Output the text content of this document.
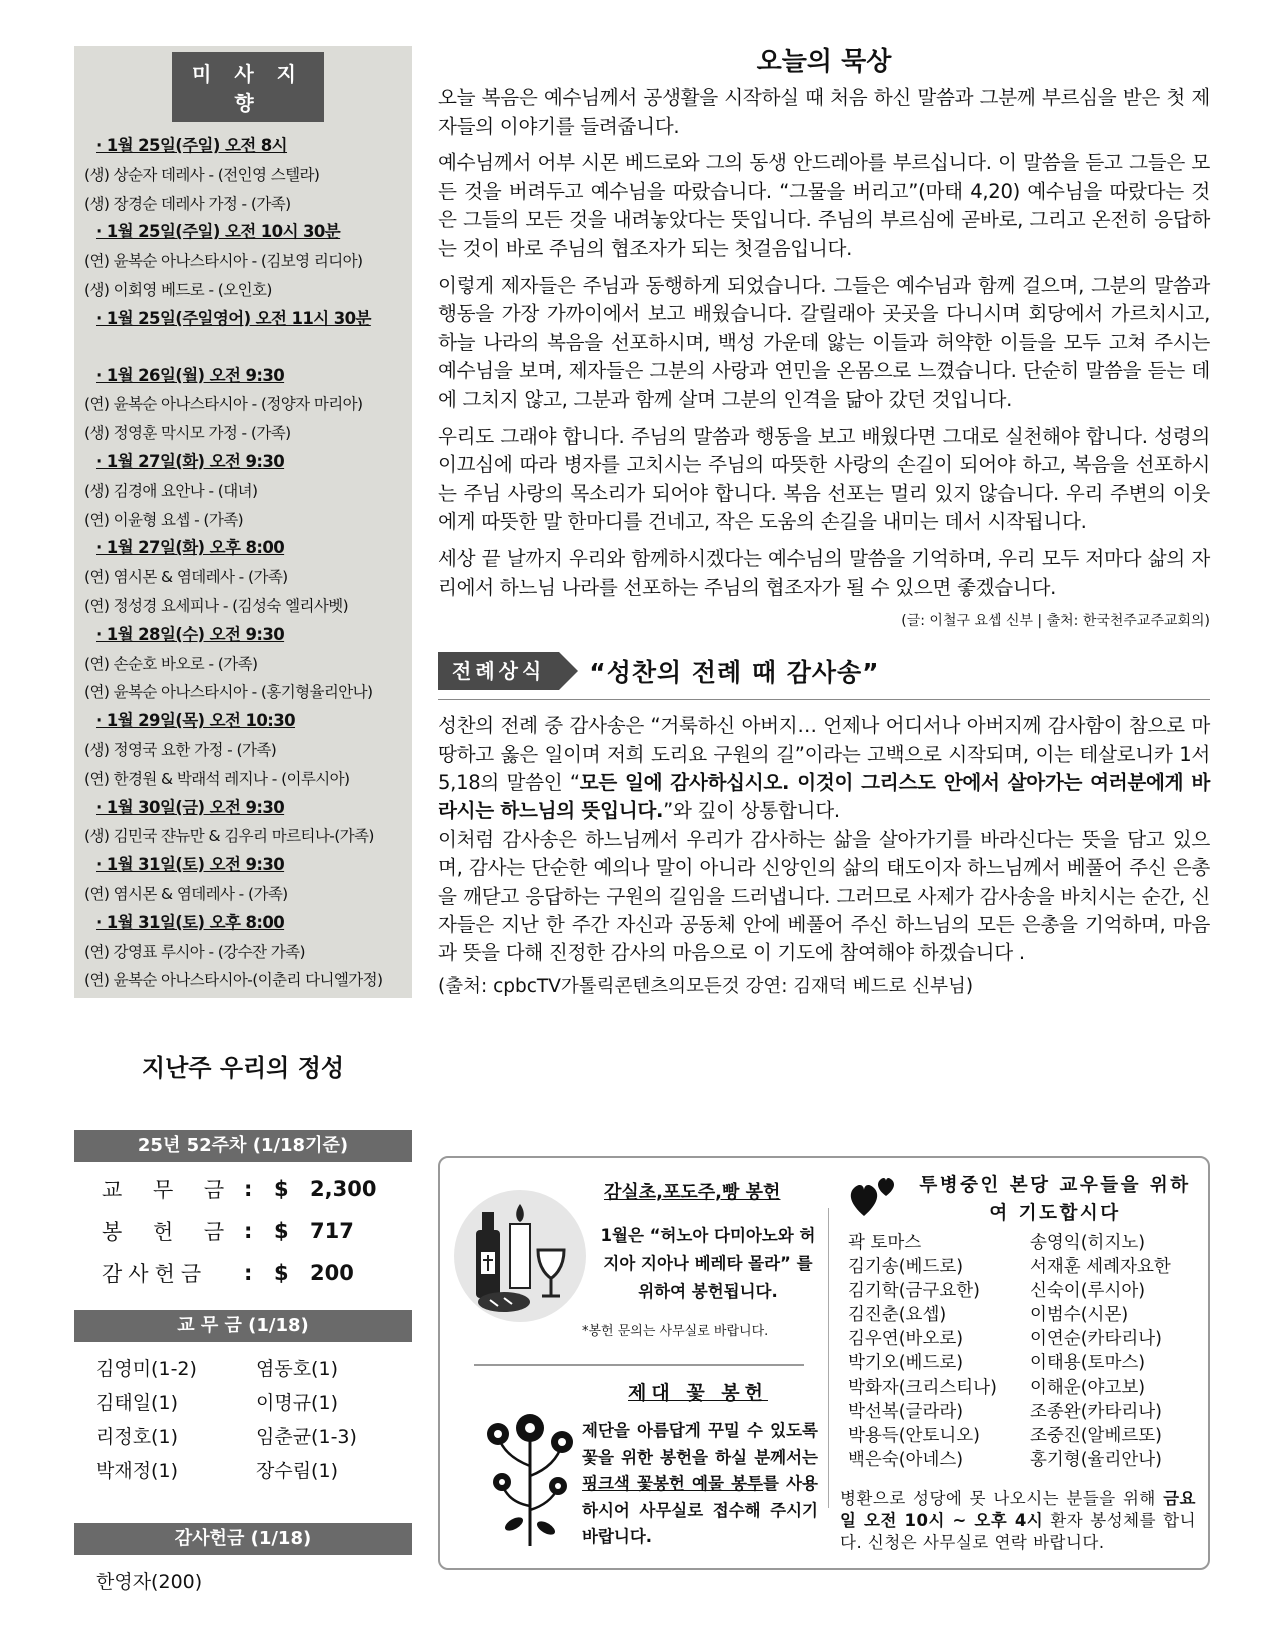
미 사 지 향
· 1월 25일(주일) 오전 8시
(생) 상순자 데레사 - (전인영 스텔라)
(생) 장경순 데레사 가정 - (가족)
· 1월 25일(주일) 오전 10시 30분
(연) 윤복순 아나스타시아 - (김보영 리디아)
(생) 이회영 베드로 - (오인호)
· 1월 25일(주일영어) 오전 11시 30분
· 1월 26일(월) 오전 9:30
(연) 윤복순 아나스타시아 - (정양자 마리아)
(생) 정영훈 막시모 가정 - (가족)
· 1월 27일(화) 오전 9:30
(생) 김경애 요안나 - (대녀)
(연) 이윤형 요셉 - (가족)
· 1월 27일(화) 오후 8:00
(연) 염시몬 & 염데레사 - (가족)
(연) 정성경 요세피나 - (김성숙 엘리사벳)
· 1월 28일(수) 오전 9:30
(연) 손순호 바오로 - (가족)
(연) 윤복순 아나스타시아 - (홍기형율리안나)
· 1월 29일(목) 오전 10:30
(생) 정영국 요한 가정 - (가족)
(연) 한경원 & 박래석 레지나 - (이루시아)
· 1월 30일(금) 오전 9:30
(생) 김민국 쟌뉴만 & 김우리 마르티나-(가족)
· 1월 31일(토) 오전 9:30
(연) 염시몬 & 염데레사 - (가족)
· 1월 31일(토) 오후 8:00
(연) 강영표 루시아 - (강수잔 가족)
(연) 윤복순 아나스타시아-(이춘리 다니엘가정)
지난주 우리의 정성
25년 52주차 (1/18기준)
교 무 금 :	$	2,300
봉 헌 금 :	$	717
감사헌금	:	$	200
교 무 금 (1/18)
김영미(1-2)	염동호(1)
김태일(1)	이명규(1)
리정호(1)	임춘균(1-3)
박재정(1)	장수림(1)
감사헌금 (1/18)
한영자(200)
오늘의 묵상

오늘 복음은 예수님께서 공생활을 시작하실 때 처음 하신 말씀과 그분께 부르심을 받은 첫 제자들의 이야기를 들려줍니다.

예수님께서 어부 시몬 베드로와 그의 동생 안드레아를 부르십니다. 이 말씀을 듣고 그들은 모든 것을 버려두고 예수님을 따랐습니다. “그물을 버리고”(마태 4,20) 예수님을 따랐다는 것은 그들의 모든 것을 내려놓았다는 뜻입니다. 주님의 부르심에 곧바로, 그리고 온전히 응답하는 것이 바로 주님의 협조자가 되는 첫걸음입니다.

이렇게 제자들은 주님과 동행하게 되었습니다. 그들은 예수님과 함께 걸으며, 그분의 말씀과 행동을 가장 가까이에서 보고 배웠습니다. 갈릴래아 곳곳을 다니시며 회당에서 가르치시고, 하늘 나라의 복음을 선포하시며, 백성 가운데 앓는 이들과 허약한 이들을 모두 고쳐 주시는 예수님을 보며, 제자들은 그분의 사랑과 연민을 온몸으로 느꼈습니다. 단순히 말씀을 듣는 데에 그치지 않고, 그분과 함께 살며 그분의 인격을 닮아 갔던 것입니다.

우리도 그래야 합니다. 주님의 말씀과 행동을 보고 배웠다면 그대로 실천해야 합니다. 성령의 이끄심에 따라 병자를 고치시는 주님의 따뜻한 사랑의 손길이 되어야 하고, 복음을 선포하시는 주님 사랑의 목소리가 되어야 합니다. 복음 선포는 멀리 있지 않습니다. 우리 주변의 이웃에게 따뜻한 말 한마디를 건네고, 작은 도움의 손길을 내미는 데서 시작됩니다.

세상 끝 날까지 우리와 함께하시겠다는 예수님의 말씀을 기억하며, 우리 모두 저마다 삶의 자리에서 하느님 나라를 선포하는 주님의 협조자가 될 수 있으면 좋겠습니다.

(글: 이철구 요셉 신부 | 출처: 한국천주교주교회의)
전례상식	“성찬의 전례 때 감사송”
성찬의 전례 중 감사송은 “거룩하신 아버지… 언제나 어디서나 아버지께 감사함이 참으로 마땅하고 옳은 일이며 저희 도리요 구원의 길”이라는 고백으로 시작되며, 이는 테살로니카 1서 5,18의 말씀인 “모든 일에 감사하십시오. 이것이 그리스도 안에서 살아가는 여러분에게 바라시는 하느님의 뜻입니다.”와 깊이 상통합니다.
이처럼 감사송은 하느님께서 우리가 감사하는 삶을 살아가기를 바라신다는 뜻을 담고 있으며, 감사는 단순한 예의나 말이 아니라 신앙인의 삶의 태도이자 하느님께서 베풀어 주신 은총을 깨닫고 응답하는 구원의 길임을 드러냅니다. 그러므로 사제가 감사송을 바치시는 순간, 신자들은 지난 한 주간 자신과 공동체 안에 베풀어 주신 하느님의 모든 은총을 기억하며, 마음과 뜻을 다해 진정한 감사의 마음으로 이 기도에 참여해야 하겠습니다 .
(출처: cpbcTV가톨릭콘텐츠의모든것 강연: 김재덕 베드로 신부님)
감실초,포도주,빵 봉헌
1월은 “허노아 다미아노와 허지아 지아나 베레타 몰라” 를 위하여 봉헌됩니다.
*봉헌 문의는 사무실로 바랍니다.
제대 꽃 봉헌
제단을 아름답게 꾸밀 수 있도록 꽃을 위한 봉헌을 하실 분께서는 핑크색 꽃봉헌 예물 봉투를 사용하시어 사무실로 접수해 주시기 바랍니다.
투병중인 본당 교우들을 위하여 기도합시다
곽 토마스	송영익(히지노)
김기송(베드로)	서재훈 세례자요한
김기학(금구요한)	신숙이(루시아)
김진춘(요셉)	이범수(시몬)
김우연(바오로)	이연순(카타리나)
박기오(베드로)	이태용(토마스)
박화자(크리스티나)	이해운(야고보)
박선복(글라라)	조종완(카타리나)
박용득(안토니오)	조중진(알베르또)
백은숙(아네스)	홍기형(율리안나)
병환으로 성당에 못 나오시는 분들을 위해 금요일 오전 10시 ~ 오후 4시 환자 봉성체를 합니다. 신청은 사무실로 연락 바랍니다.
